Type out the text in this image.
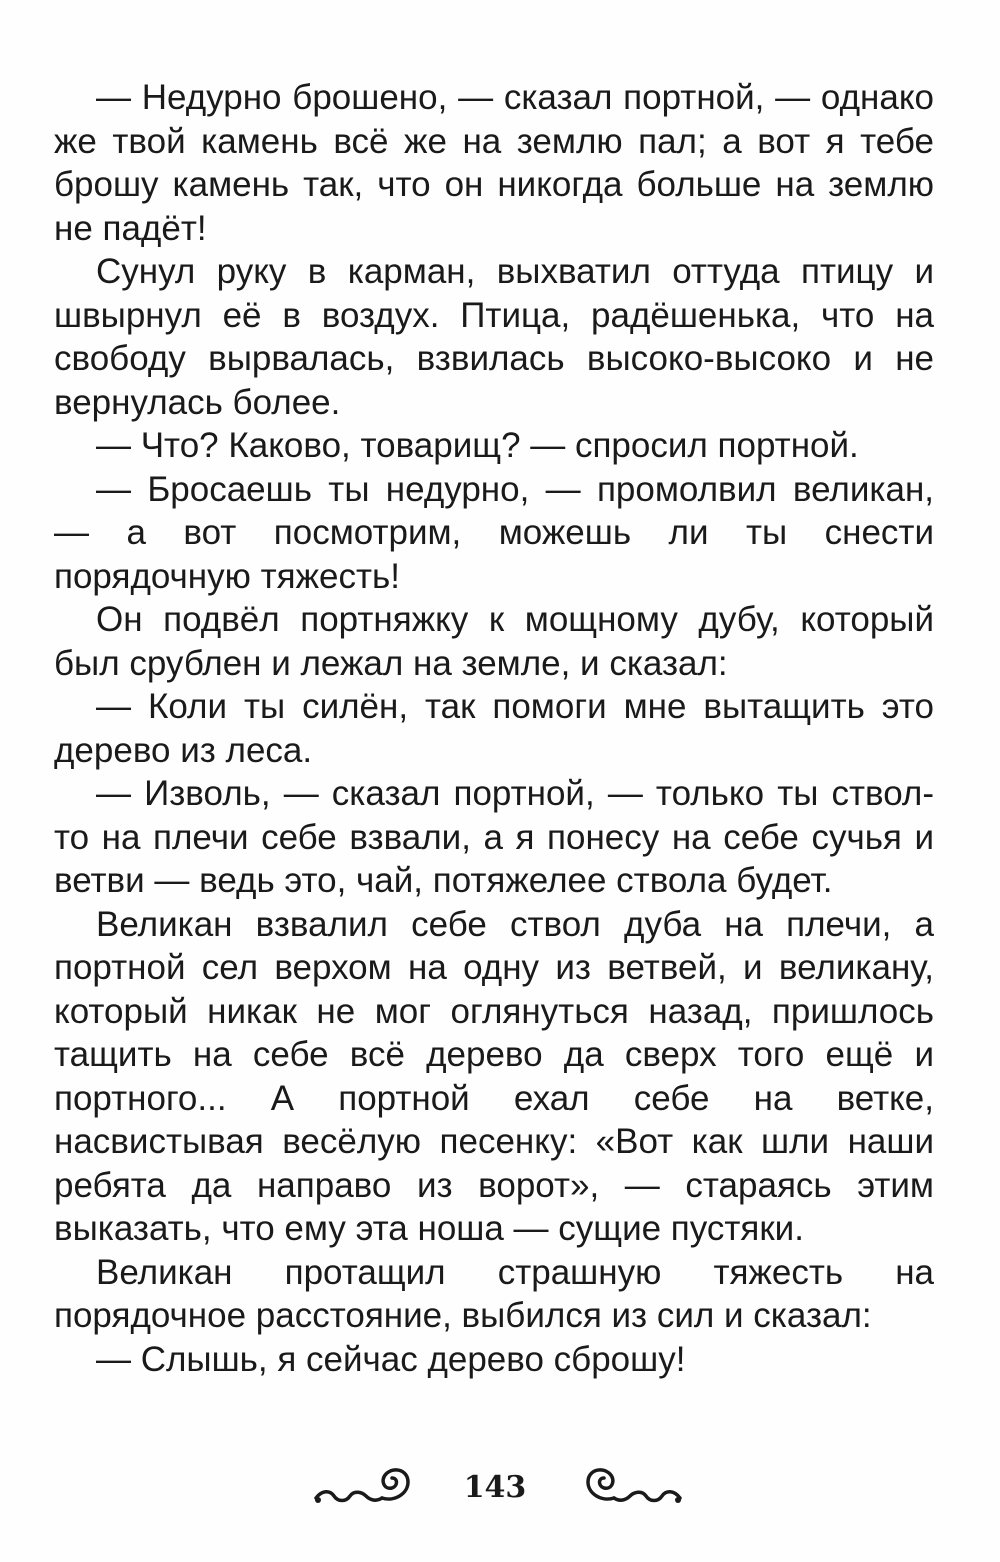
— Недурно брошено, — сказал портной, — однако же твой камень всё же на землю пал; а вот я тебе брошу камень так, что он никогда больше на землю не падёт!

Сунул руку в карман, выхватил оттуда птицу и швырнул её в воздух. Птица, радёшенька, что на свободу вырвалась, взвилась высоко-высоко и не вернулась более.

— Что? Каково, товарищ? — спросил портной.

— Бросаешь ты недурно, — промолвил великан, — а вот посмотрим, можешь ли ты снести порядочную тяжесть!

Он подвёл портняжку к мощному дубу, который был срублен и лежал на земле, и сказал:

— Коли ты силён, так помоги мне вытащить это дерево из леса.

— Изволь, — сказал портной, — только ты ствол-то на плечи себе взвали, а я понесу на себе сучья и ветви — ведь это, чай, потяжелее ствола будет.

Великан взвалил себе ствол дуба на плечи, а портной сел верхом на одну из ветвей, и великану, который никак не мог оглянуться назад, пришлось тащить на себе всё дерево да сверх того ещё и портного... А портной ехал себе на ветке, насвистывая весёлую песенку: «Вот как шли наши ребята да направо из ворот», — стараясь этим выказать, что ему эта ноша — сущие пустяки.

Великан протащил страшную тяжесть на порядочное расстояние, выбился из сил и сказал:

— Слышь, я сейчас дерево сброшу!

143
